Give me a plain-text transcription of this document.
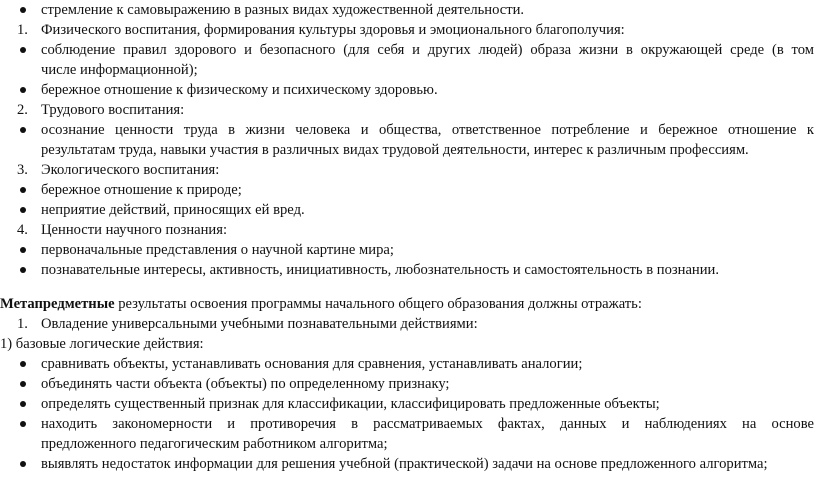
стремление к самовыражению в разных видах художественной деятельности.
1. Физического воспитания, формирования культуры здоровья и эмоционального благополучия:
соблюдение правил здорового и безопасного (для себя и других людей) образа жизни в окружающей среде (в том
числе информационной);
бережное отношение к физическому и психическому здоровью.
2. Трудового воспитания:
осознание ценности труда в жизни человека и общества, ответственное потребление и бережное отношение к
результатам труда, навыки участия в различных видах трудовой деятельности, интерес к различным профессиям.
3. Экологического воспитания:
бережное отношение к природе;
неприятие действий, приносящих ей вред.
4. Ценности научного познания:
первоначальные представления о научной картине мира;
познавательные интересы, активность, инициативность, любознательность и самостоятельность в познании.
Метапредметные результаты освоения программы начального общего образования должны отражать:
1. Овладение универсальными учебными познавательными действиями:
1) базовые логические действия:
сравнивать объекты, устанавливать основания для сравнения, устанавливать аналогии;
объединять части объекта (объекты) по определенному признаку;
определять существенный признак для классификации, классифицировать предложенные объекты;
находить закономерности и противоречия в рассматриваемых фактах, данных и наблюдениях на основе
предложенного педагогическим работником алгоритма;
выявлять недостаток информации для решения учебной (практической) задачи на основе предложенного алгоритма;
